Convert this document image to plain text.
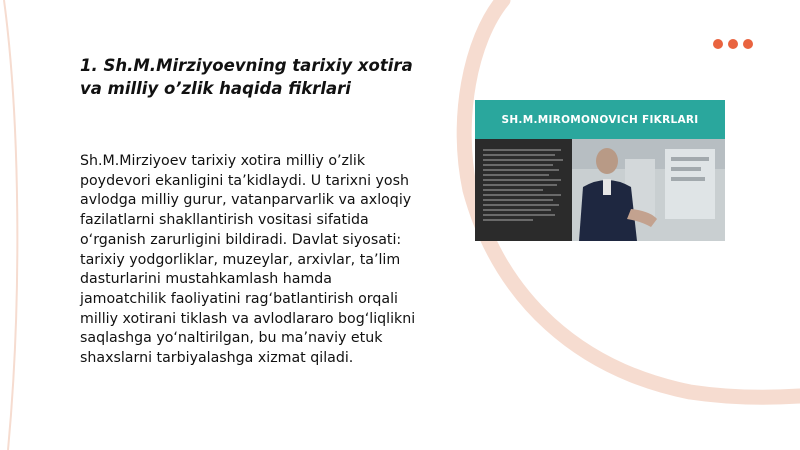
1. Sh.M.Mirziyoevning tarixiy xotira va milliy o’zlik haqida fikrlari

Sh.M.Mirziyoev tarixiy xotira milliy o’zlik poydevori ekanligini ta’kidlaydi. U tarixni yosh avlodga milliy gurur, vatanparvarlik va axloqiy fazilatlarni shakllantirish vositasi sifatida o‘rganish zarurligini bildiradi. Davlat siyosati: tarixiy yodgorliklar, muzeylar, arxivlar, ta’lim dasturlarini mustahkamlash hamda jamoatchilik faoliyatini rag‘batlantirish orqali milliy xotirani tiklash va avlodlararo bog‘liqlikni saqlashga yo‘naltirilgan, bu ma’naviy etuk shaxslarni tarbiyalashga xizmat qiladi.

SH.M.MIROMONOVICH FIKRLARI
